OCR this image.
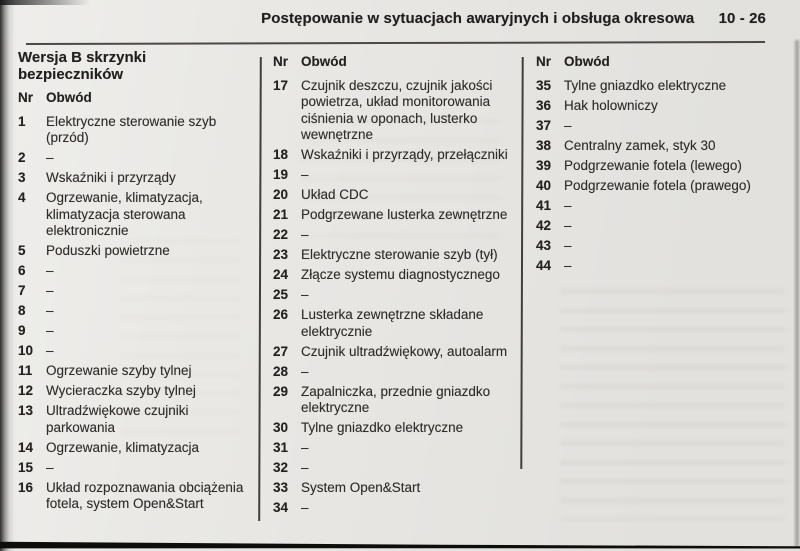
Postępowanie w sytuacjach awaryjnych i obsługa okresowa 10 - 26
Wersja B skrzynki bezpieczników
Nr Obwód
1	Elektryczne sterowanie szyb (przód)
2	–
3	Wskaźniki i przyrządy
4	Ogrzewanie, klimatyzacja, klimatyzacja sterowana elektronicznie
5	Poduszki powietrzne
6	–
7	–
8	–
9	–
10 –
11	Ogrzewanie szyby tylnej
12 Wycieraczka szyby tylnej
13 Ultradźwiękowe czujniki parkowania
14 Ogrzewanie, klimatyzacja
15 –
16 Układ rozpoznawania obciążenia fotela, system Open&Start
Nr Obwód
17 Czujnik deszczu, czujnik jakości powietrza, układ monitorowania ciśnienia w oponach, lusterko wewnętrzne
18 Wskaźniki i przyrządy, przełączniki
19 –
20 Układ CDC
21 Podgrzewane lusterka zewnętrzne
22 –
23 Elektryczne sterowanie szyb (tył)
24 Złącze systemu diagnostycznego
25 –
26 Lusterka zewnętrzne składane elektrycznie
27 Czujnik ultradźwiękowy, autoalarm
28 –
29 Zapalniczka, przednie gniazdko elektryczne
30 Tylne gniazdko elektryczne
31 –
32 –
33 System Open&Start
34 –
Nr Obwód
35 Tylne gniazdko elektryczne
36 Hak holowniczy
37 –
38 Centralny zamek, styk 30
39 Podgrzewanie fotela (lewego)
40 Podgrzewanie fotela (prawego)
41 –
42 –
43 –
44 –
